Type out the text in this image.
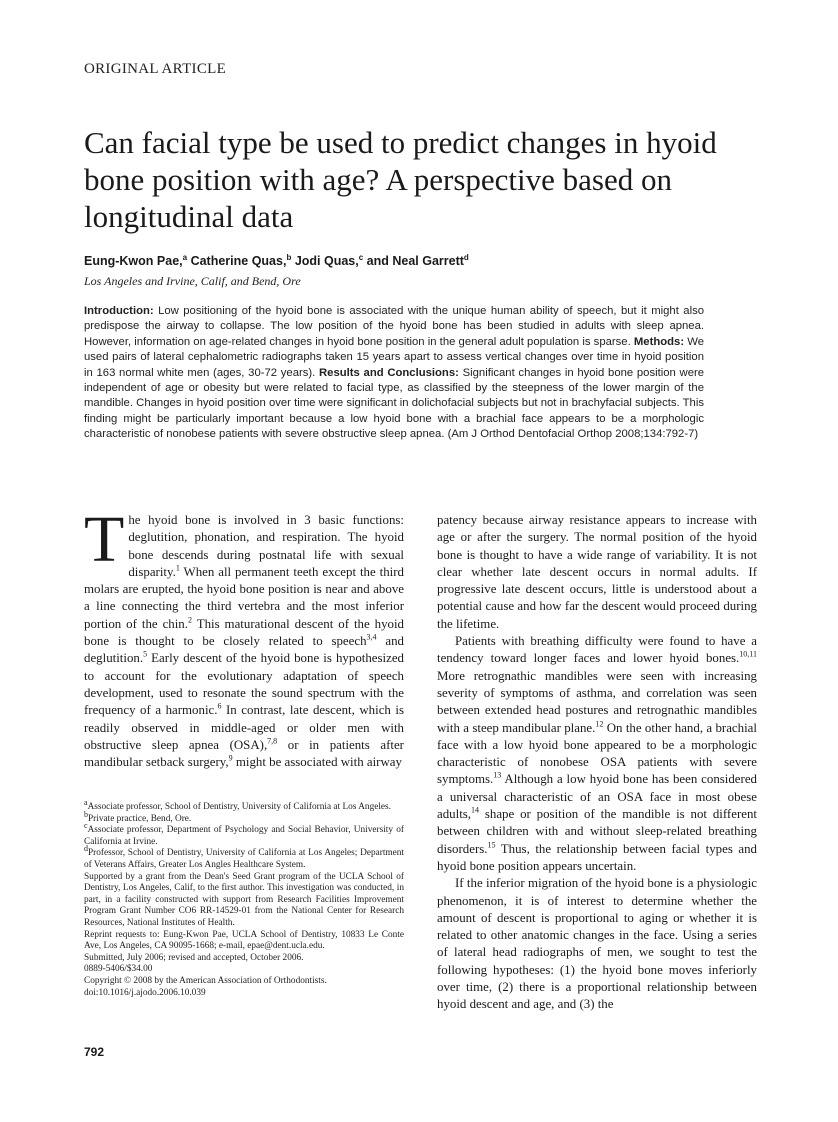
ORIGINAL ARTICLE
Can facial type be used to predict changes in hyoid bone position with age? A perspective based on longitudinal data
Eung-Kwon Pae,$^a$ Catherine Quas,$^b$ Jodi Quas,$^c$ and Neal Garrett$^d$
Los Angeles and Irvine, Calif, and Bend, Ore
Introduction: Low positioning of the hyoid bone is associated with the unique human ability of speech, but it might also predispose the airway to collapse. The low position of the hyoid bone has been studied in adults with sleep apnea. However, information on age-related changes in hyoid bone position in the general adult population is sparse. Methods: We used pairs of lateral cephalometric radiographs taken 15 years apart to assess vertical changes over time in hyoid position in 163 normal white men (ages, 30-72 years). Results and Conclusions: Significant changes in hyoid bone position were independent of age or obesity but were related to facial type, as classified by the steepness of the lower margin of the mandible. Changes in hyoid position over time were significant in dolichofacial subjects but not in brachyfacial subjects. This finding might be particularly important because a low hyoid bone with a brachial face appears to be a morphologic characteristic of nonobese patients with severe obstructive sleep apnea. (Am J Orthod Dentofacial Orthop 2008;134:792-7)

The hyoid bone is involved in 3 basic functions: deglutition, phonation, and respiration. The hyoid bone descends during postnatal life with sexual disparity.$^1$ When all permanent teeth except the third molars are erupted, the hyoid bone position is near and above a line connecting the third vertebra and the most inferior portion of the chin.$^2$ This maturational descent of the hyoid bone is thought to be closely related to speech$^{3,4}$ and deglutition.$^5$ Early descent of the hyoid bone is hypothesized to account for the evolutionary adaptation of speech development, used to resonate the sound spectrum with the frequency of a harmonic.$^6$ In contrast, late descent, which is readily observed in middle-aged or older men with obstructive sleep apnea (OSA),$^{7,8}$ or in patients after mandibular setback surgery,$^9$ might be associated with airway

$^a$Associate professor, School of Dentistry, University of California at Los Angeles.
$^b$Private practice, Bend, Ore.
$^c$Associate professor, Department of Psychology and Social Behavior, University of California at Irvine.
$^d$Professor, School of Dentistry, University of California at Los Angeles; Department of Veterans Affairs, Greater Los Angles Healthcare System.
Supported by a grant from the Dean's Seed Grant program of the UCLA School of Dentistry, Los Angeles, Calif, to the first author. This investigation was conducted, in part, in a facility constructed with support from Research Facilities Improvement Program Grant Number CO6 RR-14529-01 from the National Center for Research Resources, National Institutes of Health.
Reprint requests to: Eung-Kwon Pae, UCLA School of Dentistry, 10833 Le Conte Ave, Los Angeles, CA 90095-1668; e-mail, epae@dent.ucla.edu.
Submitted, July 2006; revised and accepted, October 2006.
0889-5406/$34.00
Copyright © 2008 by the American Association of Orthodontists.
doi:10.1016/j.ajodo.2006.10.039

patency because airway resistance appears to increase with age or after the surgery. The normal position of the hyoid bone is thought to have a wide range of variability. It is not clear whether late descent occurs in normal adults. If progressive late descent occurs, little is understood about a potential cause and how far the descent would proceed during the lifetime.

Patients with breathing difficulty were found to have a tendency toward longer faces and lower hyoid bones.$^{10,11}$ More retrognathic mandibles were seen with increasing severity of symptoms of asthma, and correlation was seen between extended head postures and retrognathic mandibles with a steep mandibular plane.$^{12}$ On the other hand, a brachial face with a low hyoid bone appeared to be a morphologic characteristic of nonobese OSA patients with severe symptoms.$^{13}$ Although a low hyoid bone has been considered a universal characteristic of an OSA face in most obese adults,$^{14}$ shape or position of the mandible is not different between children with and without sleep-related breathing disorders.$^{15}$ Thus, the relationship between facial types and hyoid bone position appears uncertain.

If the inferior migration of the hyoid bone is a physiologic phenomenon, it is of interest to determine whether the amount of descent is proportional to aging or whether it is related to other anatomic changes in the face. Using a series of lateral head radiographs of men, we sought to test the following hypotheses: (1) the hyoid bone moves inferiorly over time, (2) there is a proportional relationship between hyoid descent and age, and (3) the

792
